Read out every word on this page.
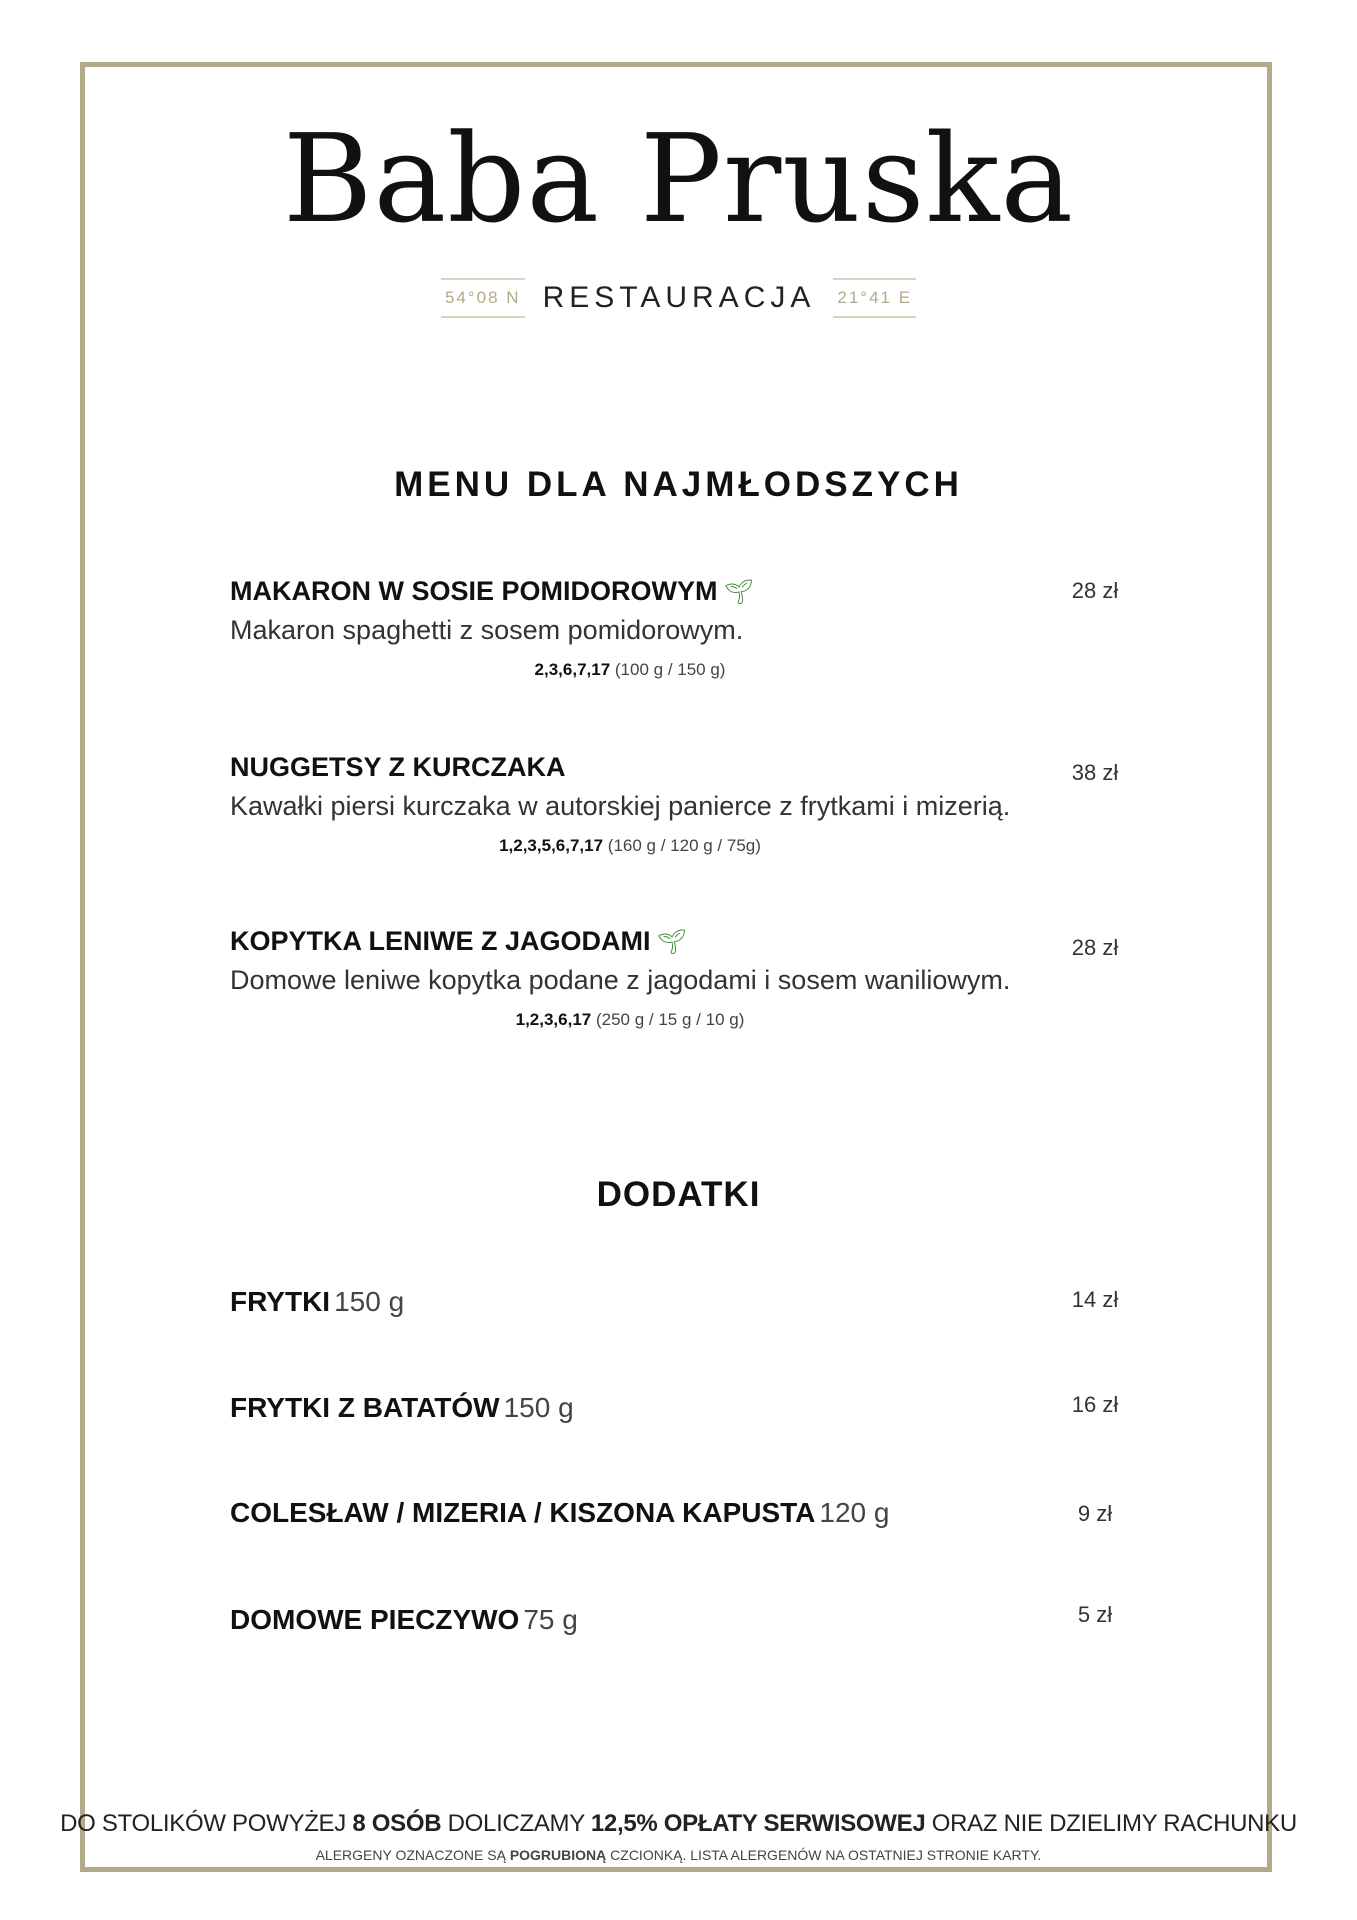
Baba Pruska
54°08 N RESTAURACJA 21°41 E
MENU DLA NAJMŁODSZYCH
MAKARON W SOSIE POMIDOROWYM 🌱︎
Makaron spaghetti z sosem pomidorowym.
2,3,6,7,17 (100 g / 150 g)
28 zł
NUGGETSY Z KURCZAKA
Kawałki piersi kurczaka w autorskiej panierce z frytkami i mizerią.
1,2,3,5,6,7,17 (160 g / 120 g / 75g)
38 zł
KOPYTKA LENIWE Z JAGODAMI 🌱︎
Domowe leniwe kopytka podane z jagodami i sosem waniliowym.
1,2,3,6,17 (250 g / 15 g / 10 g)
28 zł
DODATKI
FRYTKI 150 g	14 zł
FRYTKI Z BATATÓW 150 g	16 zł
COLESŁAW / MIZERIA / KISZONA KAPUSTA 120 g	9 zł
DOMOWE PIECZYWO 75 g	5 zł
DO STOLIKÓW POWYŻEJ 8 OSÓB DOLICZAMY 12,5% OPŁATY SERWISOWEJ ORAZ NIE DZIELIMY RACHUNKU
ALERGENY OZNACZONE SĄ POGRUBIONĄ CZCIONKĄ. LISTA ALERGENÓW NA OSTATNIEJ STRONIE KARTY.
